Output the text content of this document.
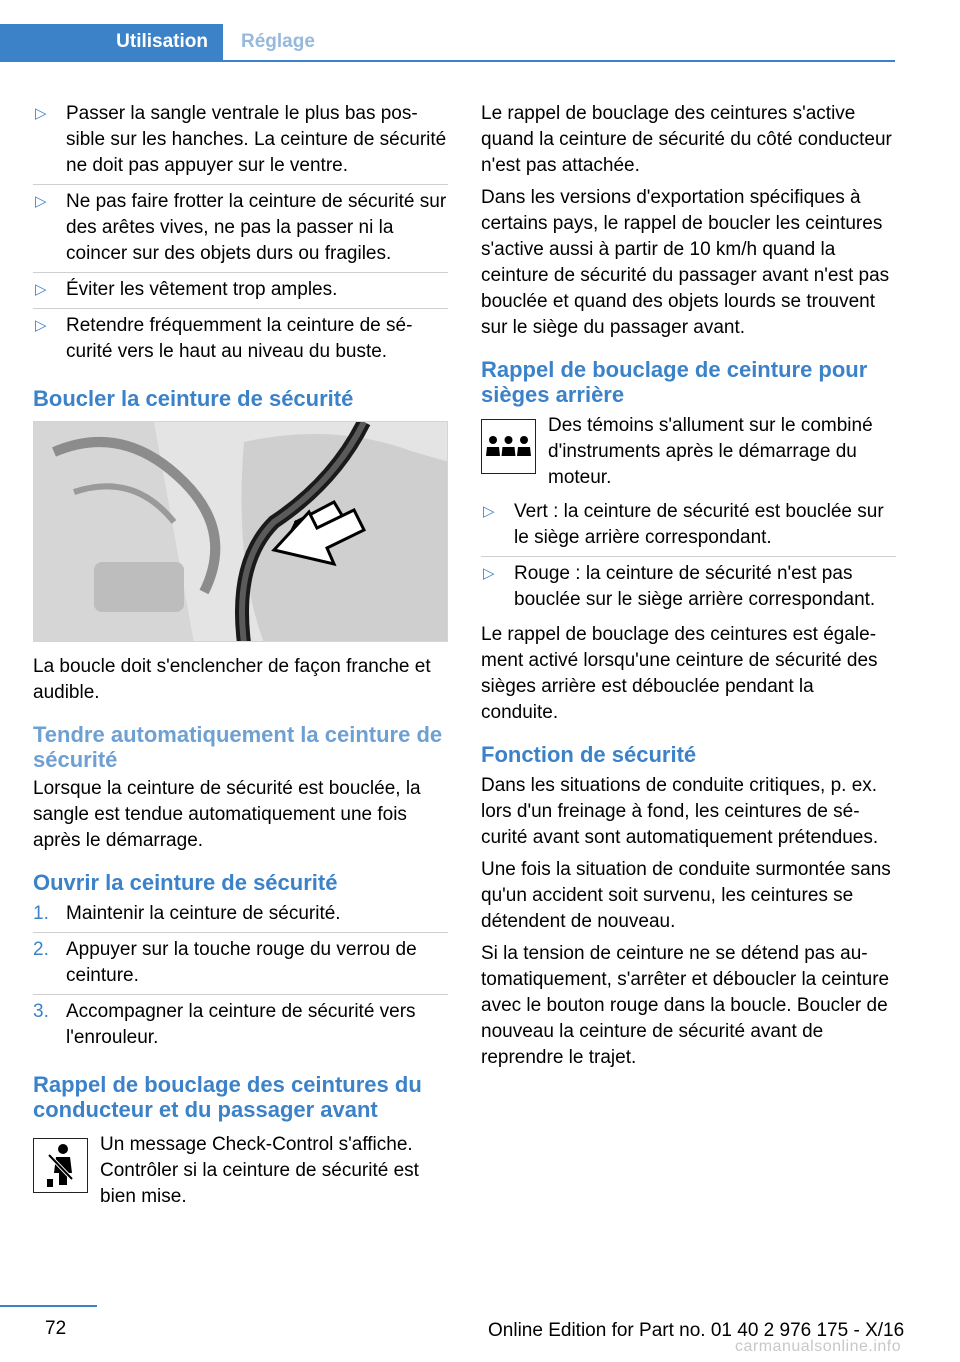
Utilisation	Réglage
▷ Passer la sangle ventrale le plus bas possible sur les hanches. La ceinture de sécurité ne doit pas appuyer sur le ventre.
▷ Ne pas faire frotter la ceinture de sécurité sur des arêtes vives, ne pas la passer ni la coincer sur des objets durs ou fragiles.
▷ Éviter les vêtement trop amples.
▷ Retendre fréquemment la ceinture de sécurité vers le haut au niveau du buste.
Boucler la ceinture de sécurité

La boucle doit s'enclencher de façon franche et audible.

Tendre automatiquement la ceinture de sécurité

Lorsque la ceinture de sécurité est bouclée, la sangle est tendue automatiquement une fois après le démarrage.

Ouvrir la ceinture de sécurité
1. Maintenir la ceinture de sécurité.
2. Appuyer sur la touche rouge du verrou de ceinture.
3. Accompagner la ceinture de sécurité vers l'enrouleur.
Rappel de bouclage des ceintures du conducteur et du passager avant
Un message Check-Control s'affiche. Contrôler si la ceinture de sécurité est bien mise.

Le rappel de bouclage des ceintures s'active quand la ceinture de sécurité du côté conducteur n'est pas attachée.

Dans les versions d'exportation spécifiques à certains pays, le rappel de boucler les ceintures s'active aussi à partir de 10 km/h quand la ceinture de sécurité du passager avant n'est pas bouclée et quand des objets lourds se trouvent sur le siège du passager avant.

Rappel de bouclage de ceinture pour sièges arrière
Des témoins s'allument sur le combiné d'instruments après le démarrage du moteur.
▷ Vert : la ceinture de sécurité est bouclée sur le siège arrière correspondant.
▷ Rouge : la ceinture de sécurité n'est pas bouclée sur le siège arrière correspondant.

Le rappel de bouclage des ceintures est également activé lorsqu'une ceinture de sécurité des sièges arrière est débouclée pendant la conduite.

Fonction de sécurité

Dans les situations de conduite critiques, p. ex. lors d'un freinage à fond, les ceintures de sécurité avant sont automatiquement prétendues.

Une fois la situation de conduite surmontée sans qu'un accident soit survenu, les ceintures se détendent de nouveau.

Si la tension de ceinture ne se détend pas automatiquement, s'arrêter et déboucler la ceinture avec le bouton rouge dans la boucle. Boucler de nouveau la ceinture de sécurité avant de reprendre le trajet.

72	Online Edition for Part no. 01 40 2 976 175 - X/16
carmanualsonline.info
